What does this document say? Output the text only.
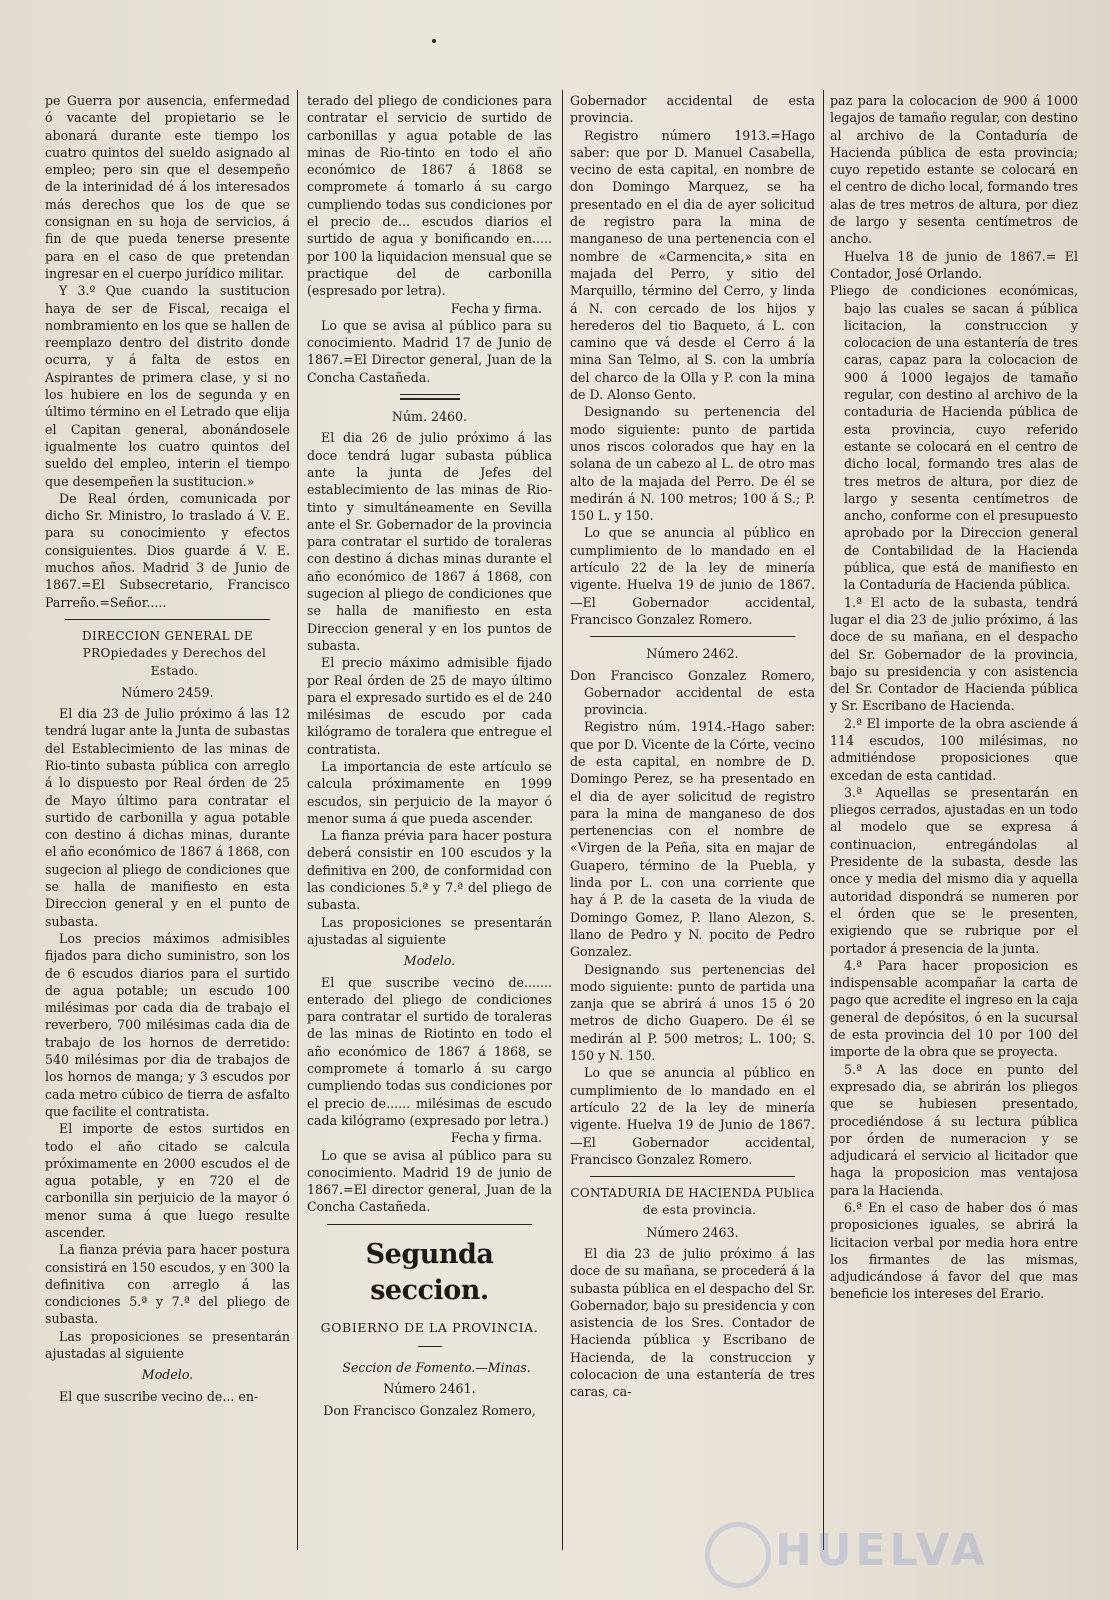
pe Guerra por ausencia, enfermedad ó vacante del propietario se le abonará durante este tiempo los cuatro quintos del sueldo asignado al empleo; pero sin que el desempeño de la interinidad dé á los interesados más derechos que los de que se consignan en su hoja de servicios, á fin de que pueda tenerse presente para en el caso de que pretendan ingresar en el cuerpo jurídico militar.

Y 3.º Que cuando la sustitucion haya de ser de Fiscal, recaiga el nombramiento en los que se hallen de reemplazo dentro del distrito donde ocurra, y á falta de estos en Aspirantes de primera clase, y si no los hubiere en los de segunda y en último término en el Letrado que elija el Capitan general, abonándosele igualmente los cuatro quintos del sueldo del empleo, interin el tiempo que desempeñen la sustitucion.»

De Real órden, comunicada por dicho Sr. Ministro, lo traslado á V. E. para su conocimiento y efectos consiguientes. Dios guarde á V. E. muchos años. Madrid 3 de Junio de 1867.=El Subsecretario, Francisco Parreño.=Señor.....

DIRECCION GENERAL DE PROpiedades y Derechos del Estado.

Número 2459.

El dia 23 de Julio próximo á las 12 tendrá lugar ante la Junta de subastas del Establecimiento de las minas de Rio-tinto subasta pública con arreglo á lo dispuesto por Real órden de 25 de Mayo último para contratar el surtido de carbonilla y agua potable con destino á dichas minas, durante el año económico de 1867 á 1868, con sugecion al pliego de condiciones que se halla de manifiesto en esta Direccion general y en el punto de subasta.

Los precios máximos admisibles fijados para dicho suministro, son los de 6 escudos diarios para el surtido de agua potable; un escudo 100 milésimas por cada dia de trabajo el reverbero, 700 milésimas cada dia de trabajo de los hornos de derretido: 540 milésimas por dia de trabajos de los hornos de manga; y 3 escudos por cada metro cúbico de tierra de asfalto que facilite el contratista.

El importe de estos surtidos en todo el año citado se calcula próximamente en 2000 escudos el de agua potable, y en 720 el de carbonilla sin perjuicio de la mayor ó menor suma á que luego resulte ascender.

La fianza prévia para hacer postura consistirá en 150 escudos, y en 300 la definitiva con arreglo á las condiciones 5.ª y 7.ª del pliego de subasta.

Las proposiciones se presentarán ajustadas al siguiente

Modelo.

El que suscribe vecino de... en-

terado del pliego de condiciones para contratar el servicio de surtido de carbonillas y agua potable de las minas de Rio-tinto en todo el año económico de 1867 á 1868 se compromete á tomarlo á su cargo cumpliendo todas sus condiciones por el precio de... escudos diarios el surtido de agua y bonificando en..... por 100 la liquidacion mensual que se practique del de carbonilla (espresado por letra).

Fecha y firma.

Lo que se avisa al público para su conocimiento. Madrid 17 de Junio de 1867.=El Director general, Juan de la Concha Castañeda.

Núm. 2460.

El dia 26 de julio próximo á las doce tendrá lugar subasta pública ante la junta de Jefes del establecimiento de las minas de Rio-tinto y simultáneamente en Sevilla ante el Sr. Gobernador de la provincia para contratar el surtido de toraleras con destino á dichas minas durante el año económico de 1867 á 1868, con sugecion al pliego de condiciones que se halla de manifiesto en esta Direccion general y en los puntos de subasta.

El precio máximo admisible fijado por Real órden de 25 de mayo último para el expresado surtido es el de 240 milésimas de escudo por cada kilógramo de toralera que entregue el contratista.

La importancia de este artículo se calcula próximamente en 1999 escudos, sin perjuicio de la mayor ó menor suma á que pueda ascender.

La fianza prévia para hacer postura deberá consistir en 100 escudos y la definitiva en 200, de conformidad con las condiciones 5.ª y 7.ª del pliego de subasta.

Las proposiciones se presentarán ajustadas al siguiente

Modelo.

El que suscribe vecino de....... enterado del pliego de condiciones para contratar el surtido de toraleras de las minas de Riotinto en todo el año económico de 1867 á 1868, se compromete á tomarlo á su cargo cumpliendo todas sus condiciones por el precio de...... milésimas de escudo cada kilógramo (expresado por letra.)

Fecha y firma.

Lo que se avisa al público para su conocimiento. Madrid 19 de junio de 1867.=El director general, Juan de la Concha Castañeda.

Segunda seccion.
GOBIERNO DE LA PROVINCIA.

Seccion de Fomento.—Minas.

Número 2461.

Don Francisco Gonzalez Romero,

Gobernador accidental de esta provincia.

Registro número 1913.=Hago saber: que por D. Manuel Casabella, vecino de esta capital, en nombre de don Domingo Marquez, se ha presentado en el dia de ayer solicitud de registro para la mina de manganeso de una pertenencia con el nombre de «Carmencita,» sita en majada del Perro, y sitio del Marquillo, término del Cerro, y linda á N. con cercado de los hijos y herederos del tio Baqueto, á L. con camino que vá desde el Cerro á la mina San Telmo, al S. con la umbría del charco de la Olla y P. con la mina de D. Alonso Gento.

Designando su pertenencia del modo siguiente: punto de partida unos riscos colorados que hay en la solana de un cabezo al L. de otro mas alto de la majada del Perro. De él se medirán á N. 100 metros; 100 á S.; P. 150 L. y 150.

Lo que se anuncia al público en cumplimiento de lo mandado en el artículo 22 de la ley de minería vigente. Huelva 19 de junio de 1867.—El Gobernador accidental, Francisco Gonzalez Romero.

Número 2462.

Don Francisco Gonzalez Romero, Gobernador accidental de esta provincia.

Registro núm. 1914.-Hago saber: que por D. Vicente de la Córte, vecino de esta capital, en nombre de D. Domingo Perez, se ha presentado en el dia de ayer solicitud de registro para la mina de manganeso de dos pertenencias con el nombre de «Virgen de la Peña, sita en majar de Guapero, término de la Puebla, y linda por L. con una corriente que hay á P. de la caseta de la viuda de Domingo Gomez, P. llano Alezon, S. llano de Pedro y N. pocito de Pedro Gonzalez.

Designando sus pertenencias del modo siguiente: punto de partida una zanja que se abrirá á unos 15 ó 20 metros de dicho Guapero. De él se medirán al P. 500 metros; L. 100; S. 150 y N. 150.

Lo que se anuncia al público en cumplimiento de lo mandado en el artículo 22 de la ley de minería vigente. Huelva 19 de Junio de 1867.—El Gobernador accidental, Francisco Gonzalez Romero.

CONTADURIA DE HACIENDA PUblica de esta provincia.

Número 2463.

El dia 23 de julio próximo á las doce de su mañana, se procederá á la subasta pública en el despacho del Sr. Gobernador, bajo su presidencia y con asistencia de los Sres. Contador de Hacienda pública y Escribano de Hacienda, de la construccion y colocacion de una estantería de tres caras, ca-

paz para la colocacion de 900 á 1000 legajos de tamaño regular, con destino al archivo de la Contaduría de Hacienda pública de esta provincia; cuyo repetido estante se colocará en el centro de dicho local, formando tres alas de tres metros de altura, por diez de largo y sesenta centímetros de ancho.

Huelva 18 de junio de 1867.= El Contador, José Orlando.

Pliego de condiciones económicas, bajo las cuales se sacan á pública licitacion, la construccion y colocacion de una estantería de tres caras, capaz para la colocacion de 900 á 1000 legajos de tamaño regular, con destino al archivo de la contaduria de Hacienda pública de esta provincia, cuyo referido estante se colocará en el centro de dicho local, formando tres alas de tres metros de altura, por diez de largo y sesenta centímetros de ancho, conforme con el presupuesto aprobado por la Direccion general de Contabilidad de la Hacienda pública, que está de manifiesto en la Contaduría de Hacienda pública.

1.ª El acto de la subasta, tendrá lugar el dia 23 de julio próximo, á las doce de su mañana, en el despacho del Sr. Gobernador de la provincia, bajo su presidencia y con asistencia del Sr. Contador de Hacienda pública y Sr. Escribano de Hacienda.

2.ª El importe de la obra asciende á 114 escudos, 100 milésimas, no admitiéndose proposiciones que excedan de esta cantidad.

3.ª Aquellas se presentarán en pliegos cerrados, ajustadas en un todo al modelo que se expresa á continuacion, entregándolas al Presidente de la subasta, desde las once y media del mismo dia y aquella autoridad dispondrá se numeren por el órden que se le presenten, exigiendo que se rubrique por el portador á presencia de la junta.

4.ª Para hacer proposicion es indispensable acompañar la carta de pago que acredite el ingreso en la caja general de depósitos, ó en la sucursal de esta provincia del 10 por 100 del importe de la obra que se proyecta.

5.ª A las doce en punto del expresado dia, se abrirán los pliegos que se hubiesen presentado, procediéndose á su lectura pública por órden de numeracion y se adjudicará el servicio al licitador que haga la proposicion mas ventajosa para la Hacienda.

6.ª En el caso de haber dos ó mas proposiciones iguales, se abrirá la licitacion verbal por media hora entre los firmantes de las mismas, adjudicándose á favor del que mas beneficie los intereses del Erario.

HUELVA
